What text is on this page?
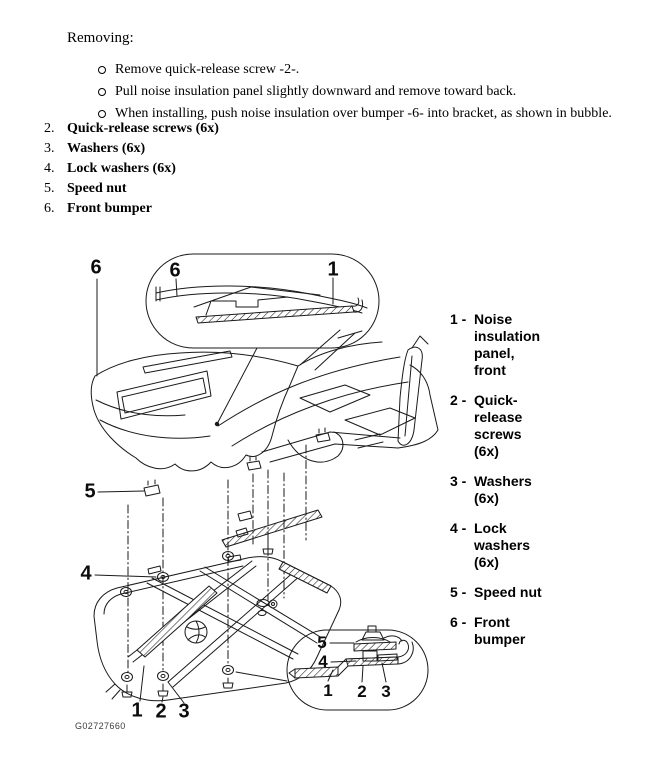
Removing:
Remove quick-release screw -2-.
Pull noise insulation panel slightly downward and remove toward back.
When installing, push noise insulation over bumper -6- into bracket, as shown in bubble.
2. Quick-release screws (6x)
3. Washers (6x)
4. Lock washers (6x)
5. Speed nut
6. Front bumper
6	6	1
5
4
1 2 3
5
4
1 2 3
1 - Noise insulation panel, front
2 - Quick-release screws (6x)
3 - Washers (6x)
4 - Lock washers (6x)
5 - Speed nut
6 - Front bumper
G02727660
